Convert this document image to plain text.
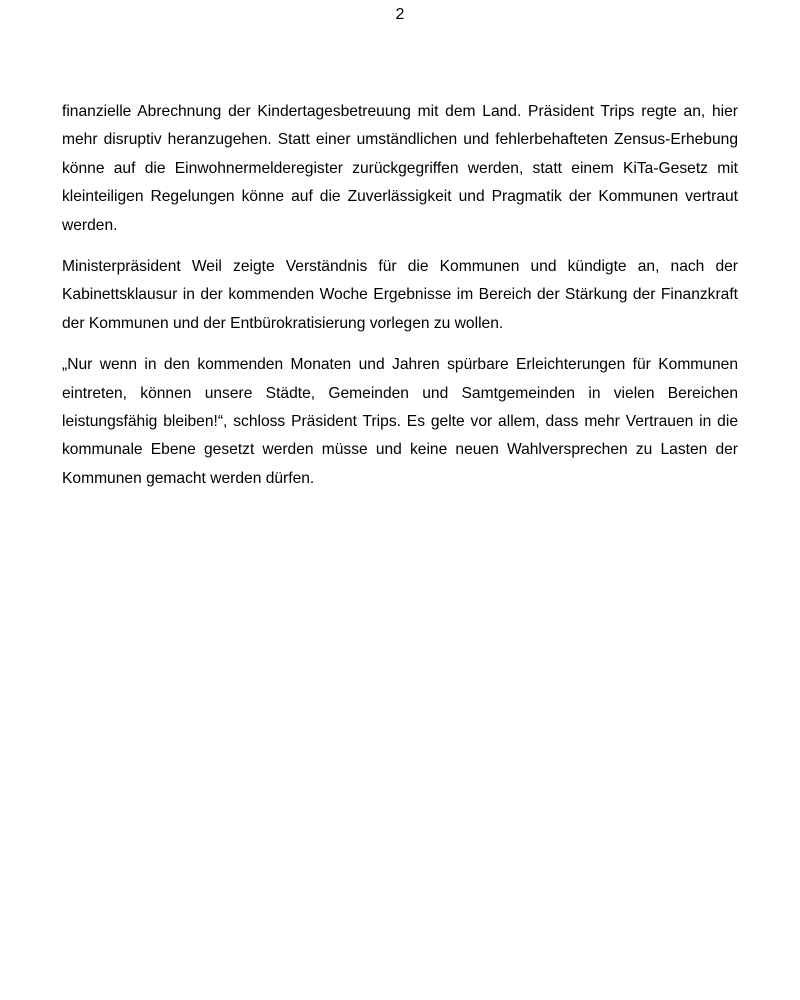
2

finanzielle Abrechnung der Kindertagesbetreuung mit dem Land. Präsident Trips regte an, hier mehr disruptiv heranzugehen. Statt einer umständlichen und fehlerbehafteten Zensus-Erhebung könne auf die Einwohnermelderegister zurückgegriffen werden, statt einem KiTa-Gesetz mit kleinteiligen Regelungen könne auf die Zuverlässigkeit und Pragmatik der Kommunen vertraut werden.

Ministerpräsident Weil zeigte Verständnis für die Kommunen und kündigte an, nach der Kabinettsklausur in der kommenden Woche Ergebnisse im Bereich der Stärkung der Finanzkraft der Kommunen und der Entbürokratisierung vorlegen zu wollen.

„Nur wenn in den kommenden Monaten und Jahren spürbare Erleichterungen für Kommunen eintreten, können unsere Städte, Gemeinden und Samtgemeinden in vielen Bereichen leistungsfähig bleiben!“, schloss Präsident Trips. Es gelte vor allem, dass mehr Vertrauen in die kommunale Ebene gesetzt werden müsse und keine neuen Wahlversprechen zu Lasten der Kommunen gemacht werden dürfen.
